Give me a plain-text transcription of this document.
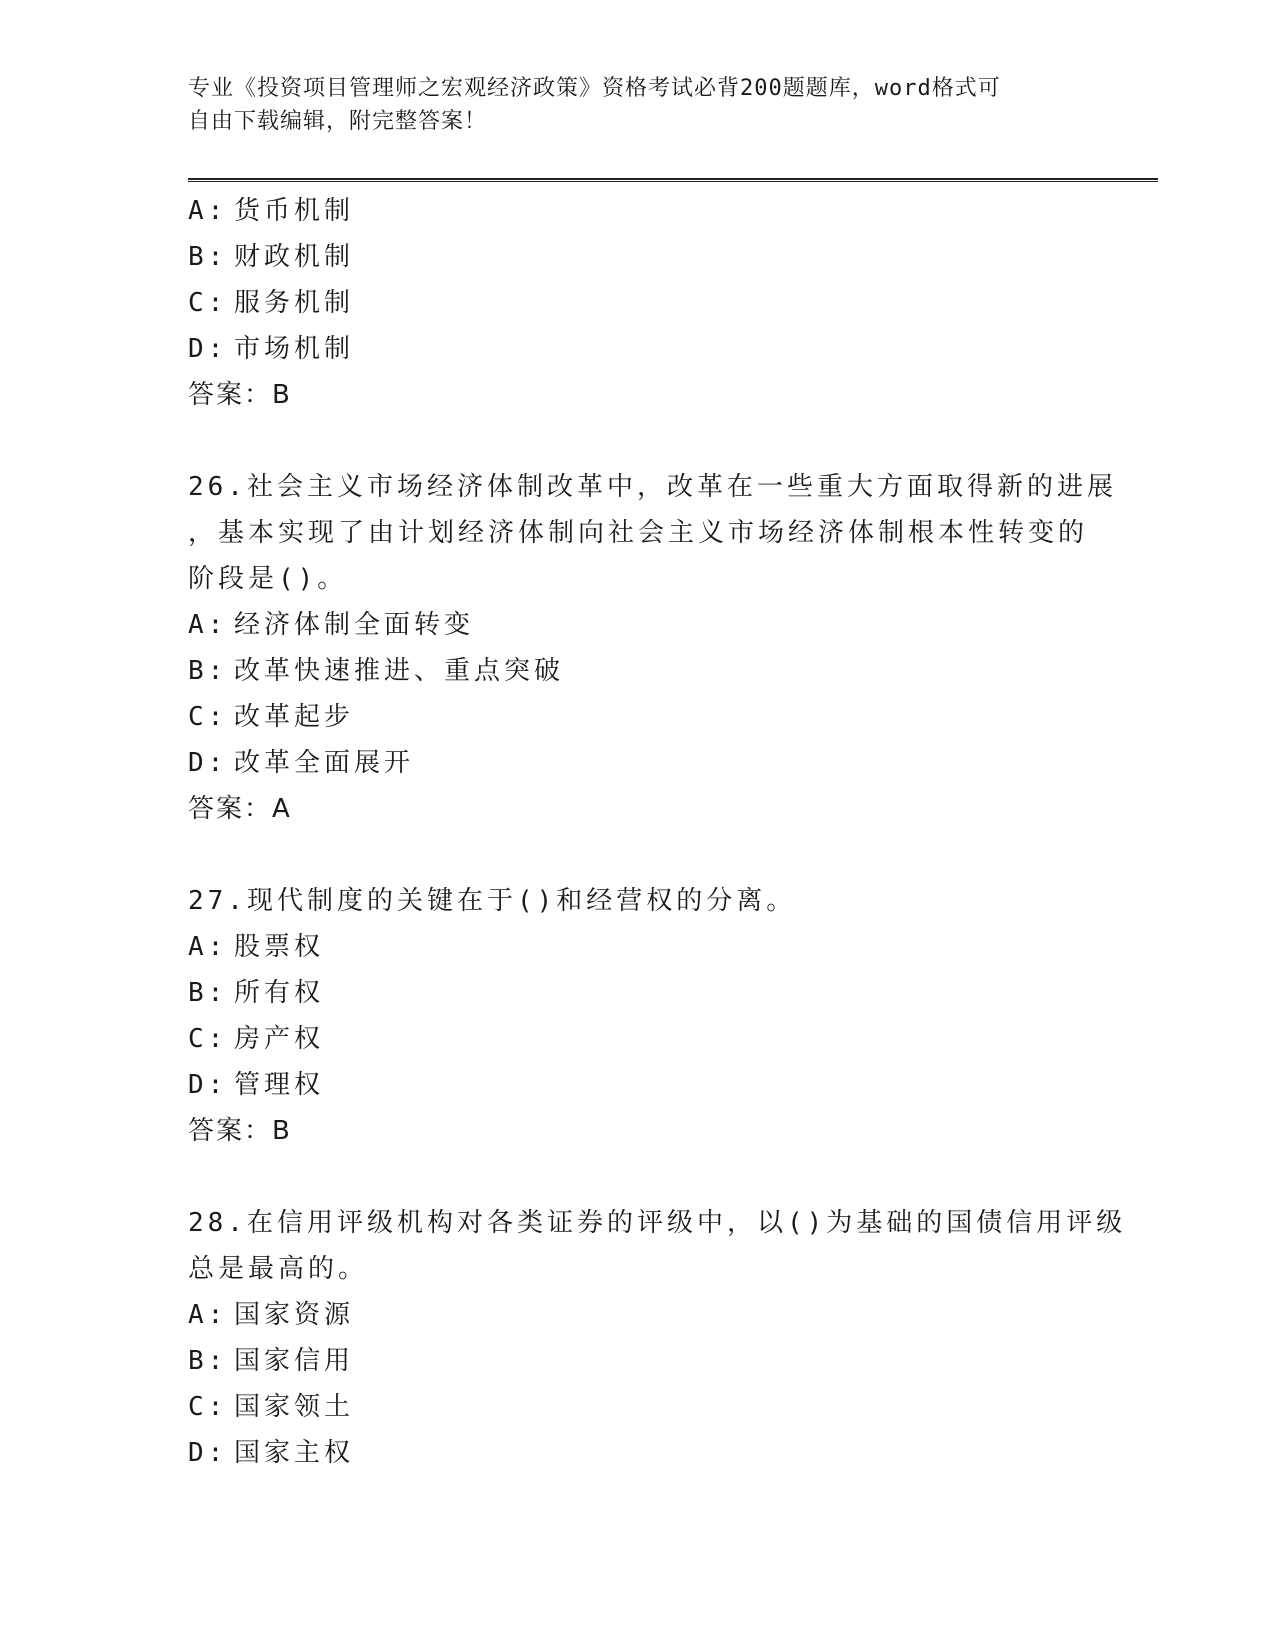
专业《投资项目管理师之宏观经济政策》资格考试必背200题题库，word格式可
自由下载编辑，附完整答案！
A: 货币机制
B: 财政机制
C: 服务机制
D: 市场机制
答案：B
26.社会主义市场经济体制改革中，改革在一些重大方面取得新的进展
，基本实现了由计划经济体制向社会主义市场经济体制根本性转变的
阶段是()。
A: 经济体制全面转变
B: 改革快速推进、重点突破
C: 改革起步
D: 改革全面展开
答案：A
27.现代制度的关键在于()和经营权的分离。
A: 股票权
B: 所有权
C: 房产权
D: 管理权
答案：B
28.在信用评级机构对各类证券的评级中，以()为基础的国债信用评级
总是最高的。
A: 国家资源
B: 国家信用
C: 国家领土
D: 国家主权
